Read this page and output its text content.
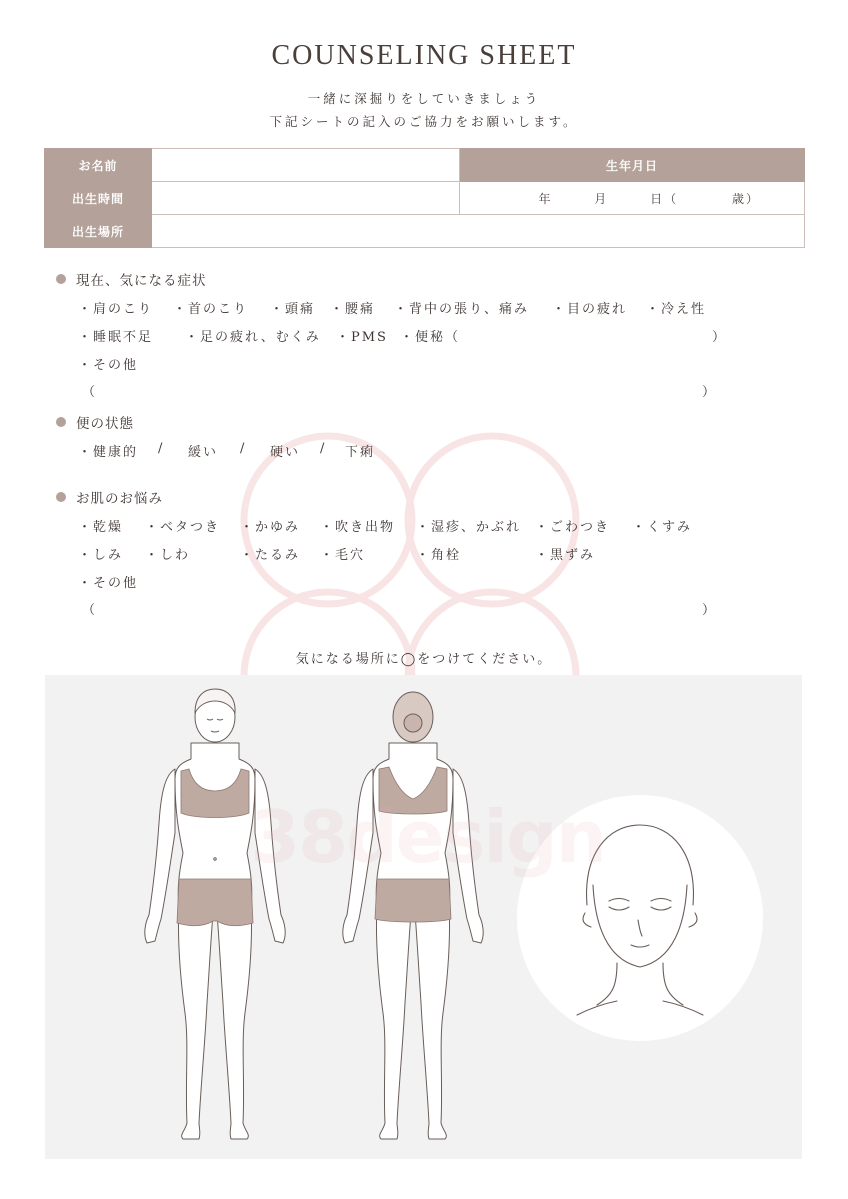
COUNSELING SHEET
一緒に深掘りをしていきましょう
下記シートの記入のご協力をお願いします。
お名前		生年月日
出生時間		年 月 日（ 歳）
出生場所		
現在、気になる症状
・肩のこり ・首のこり ・頭痛 ・腰痛 ・背中の張り、痛み ・目の疲れ ・冷え性
・睡眠不足 ・足の疲れ、むくみ ・PMS ・便秘（	）
・その他
（	）
便の状態
・健康的 / 緩い / 硬い / 下痢
お肌のお悩み
・乾燥 ・ベタつき ・かゆみ ・吹き出物 ・湿疹、かぶれ ・ごわつき ・くすみ
・しみ ・しわ	・たるみ ・毛穴	・角栓	・黒ずみ
・その他
（	）
気になる場所に◯をつけてください。
38design
